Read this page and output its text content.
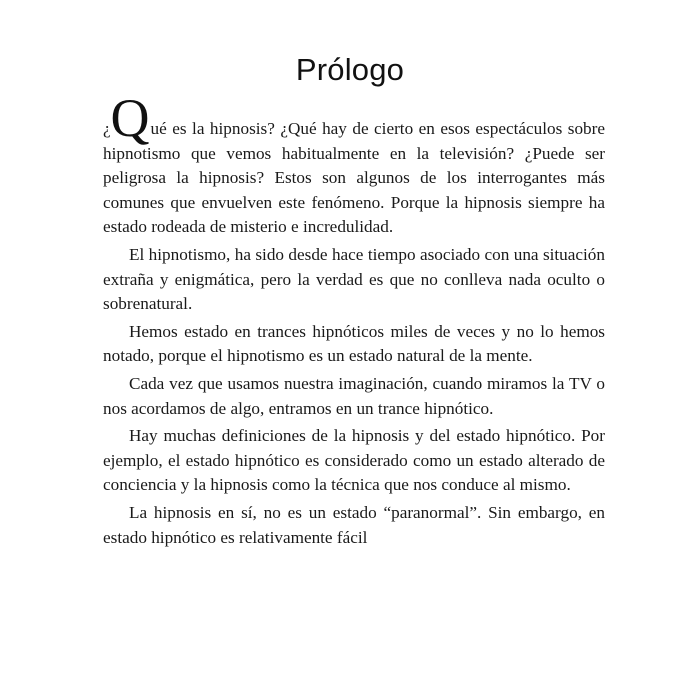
Prólogo

¿Qué es la hipnosis? ¿Qué hay de cierto en esos espectáculos sobre hipnotismo que vemos habitualmente en la televisión? ¿Puede ser peligrosa la hipnosis? Estos son algunos de los interrogantes más comunes que envuelven este fenómeno. Porque la hipnosis siempre ha estado rodeada de misterio e incredulidad.

El hipnotismo, ha sido desde hace tiempo asociado con una situación extraña y enigmática, pero la verdad es que no conlleva nada oculto o sobrenatural.

Hemos estado en trances hipnóticos miles de veces y no lo hemos notado, porque el hipnotismo es un estado natural de la mente.

Cada vez que usamos nuestra imaginación, cuando miramos la TV o nos acordamos de algo, entramos en un trance hipnótico.

Hay muchas definiciones de la hipnosis y del estado hipnótico. Por ejemplo, el estado hipnótico es considerado como un estado alterado de conciencia y la hipnosis como la técnica que nos conduce al mismo.

La hipnosis en sí, no es un estado “paranormal”. Sin embargo, en estado hipnótico es relativamente fácil
